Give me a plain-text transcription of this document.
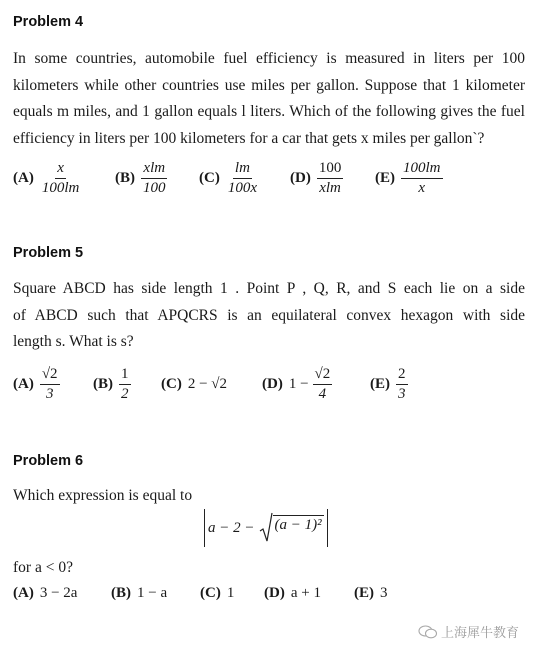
Problem 4
In some countries, automobile fuel efficiency is measured in liters per 100
kilometers while other countries use miles per gallon. Suppose that 1 kilometer
equals m miles, and 1 gallon equals l liters. Which of the following gives the fuel
efficiency in liters per 100 kilometers for a car that gets x miles per gallon`?
$(A) \frac{x}{100lm} (B) \frac{\text{xlm}}{100} (C) \frac{lm}{100x} (D) \frac{100}{\text{xlm}} (E) \frac{100lm}{x}$
Problem 5
Square ABCD has side length 1 . Point P , Q, R, and S each lie on a side
of ABCD such that APQCRS is an equilateral convex hexagon with side
length s. What is s?
$(A) \frac{√2}{3} (B) \frac{1}{2} (C) 2 - √2$ (D) $1 - \frac{√2}{4}$	$(E) \frac{2}{3}$
Problem 6
Which expression is equal to
a − 2 − (a − 1)²
for a < 0?
(A) 3 − 2a (B) 1 − a (C) 1 (D) a + 1 (E) 3
上海犀牛教育
